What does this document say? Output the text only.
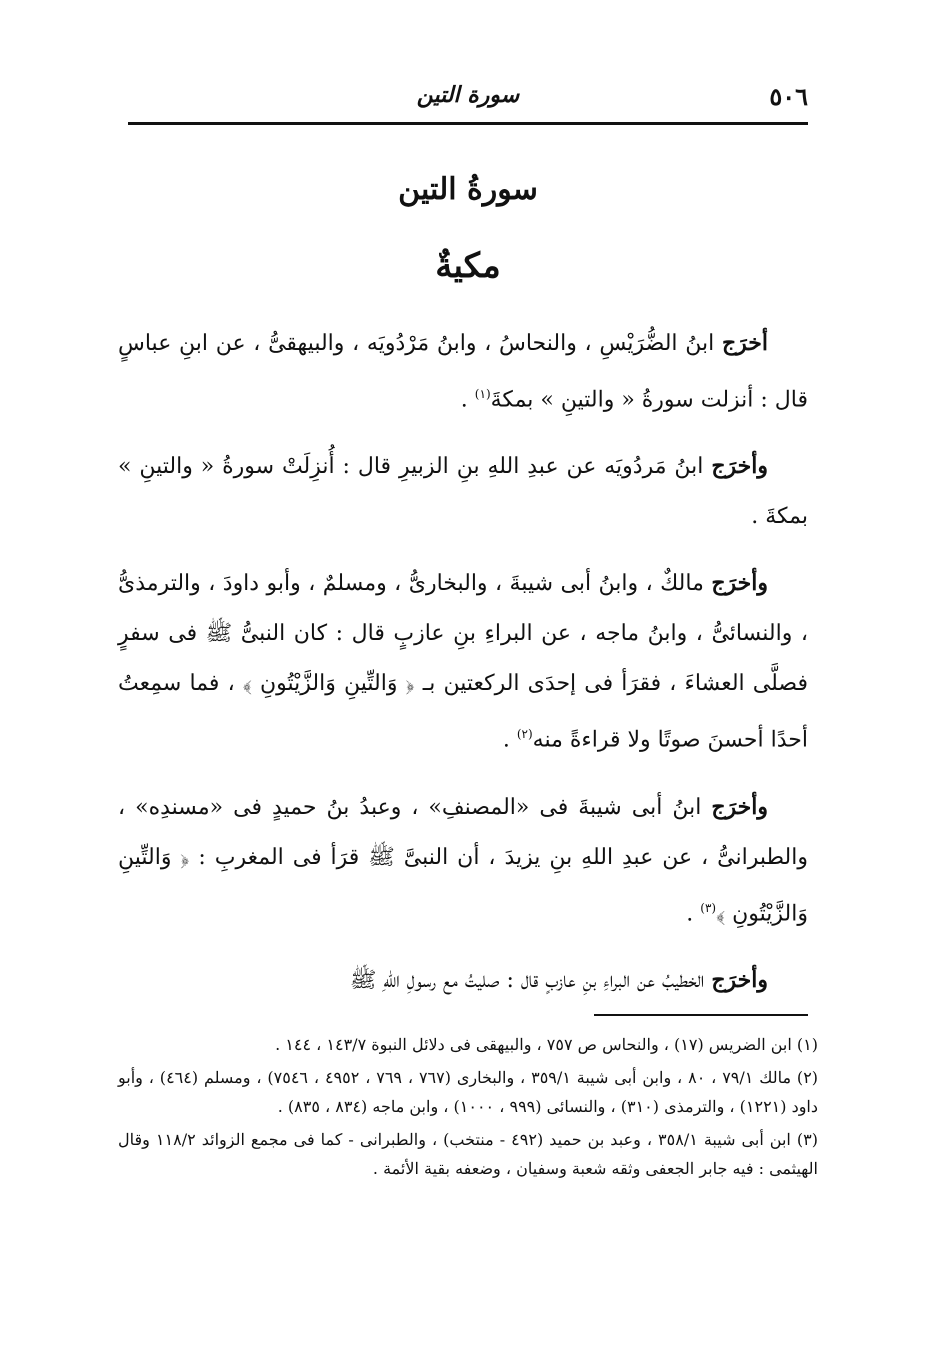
٥٠٦
سورة التين
سورةُ التين
مكيةٌ

أخرَج ابنُ الضُّرَيْسِ ، والنحاسُ ، وابنُ مَرْدُويَه ، والبيهقىُّ ، عن ابنِ عباسٍ قال : أنزلت سورةُ « والتينِ » بمكةَ$^{(١)}$ .

وأخرَج ابنُ مَردُويَه عن عبدِ اللهِ بنِ الزبيرِ قال : أُنزِلَتْ سورةُ « والتينِ » بمكةَ .

وأخرَج مالكٌ ، وابنُ أبى شيبةَ ، والبخارىُّ ، ومسلمٌ ، وأبو داودَ ، والترمذىُّ ، والنسائىُّ ، وابنُ ماجه ، عن البراءِ بنِ عازبٍ قال : كان النبىُّ ﷺ فى سفرٍ فصلَّى العشاءَ ، فقرَأ فى إحدَى الركعتين بـ ﴿ وَالتِّينِ وَالزَّيْتُونِ ﴾ ، فما سمِعتُ أحدًا أحسنَ صوتًا ولا قراءةً منه$^{(٢)}$ .

وأخرَج ابنُ أبى شيبةَ فى «المصنفِ» ، وعبدُ بنُ حميدٍ فى «مسندِه» ، والطبرانىُّ ، عن عبدِ اللهِ بنِ يزيدَ ، أن النبىَّ ﷺ قرَأ فى المغربِ : ﴿ وَالتِّينِ وَالزَّيْتُونِ ﴾$^{(٣)}$ .

وأخرَج الخطيبُ عن البراءِ بنِ عازبٍ قال : صليتُ مع رسولِ اللهِ ﷺ

(١) ابن الضريس (١٧) ، والنحاس ص ٧٥٧ ، والبيهقى فى دلائل النبوة ١٤٣/٧ ، ١٤٤ .

(٢) مالك ٧٩/١ ، ٨٠ ، وابن أبى شيبة ٣٥٩/١ ، والبخارى (٧٦٧ ، ٧٦٩ ، ٤٩٥٢ ، ٧٥٤٦) ، ومسلم (٤٦٤) ، وأبو داود (١٢٢١) ، والترمذى (٣١٠) ، والنسائى (٩٩٩ ، ١٠٠٠) ، وابن ماجه (٨٣٤ ، ٨٣٥) .

(٣) ابن أبى شيبة ٣٥٨/١ ، وعبد بن حميد (٤٩٢ - منتخب) ، والطبرانى - كما فى مجمع الزوائد ١١٨/٢ وقال الهيثمى : فيه جابر الجعفى وثقه شعبة وسفيان ، وضعفه بقية الأئمة .
